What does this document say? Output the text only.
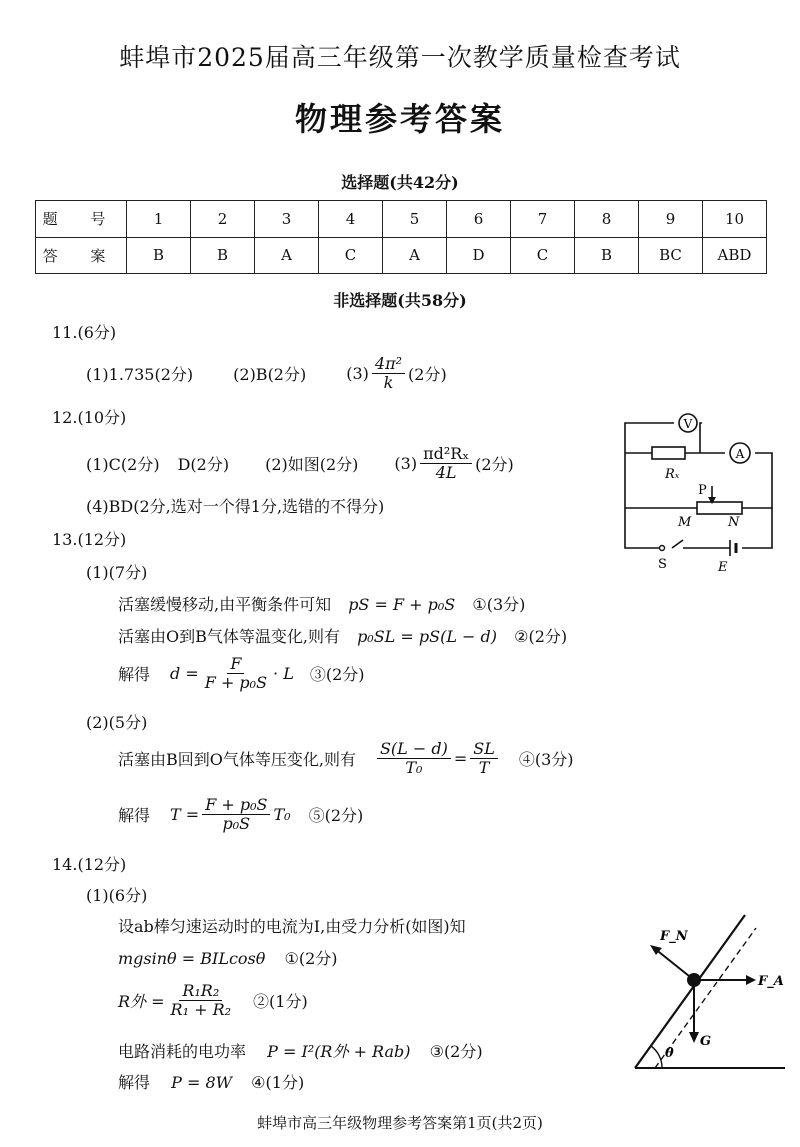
蚌埠市2025届高三年级第一次教学质量检查考试
物理参考答案
选择题(共42分)
题 号	1	2	3	4	5	6	7	8	9	10
答 案	B	B	A	C	A	D	C	B	BC	ABD
非选择题(共58分)
11.(6分)
(1)1.735(2分)	(2)B(2分)	$(3) \frac{\text{4π²}}{k} (2$分)
12.(10分)
(1)C(2分) D(2分) (2)如图(2分) $(3) \frac{\text{πd²Rₓ}}{4L} (2$分)
(4)BD(2分,选对一个得1分,选错的不得分)
V
Rₓ
A
P
M	N
S	E
13.(12分)
(1)(7分)
活塞缓慢移动,由平衡条件可知 pS = F + p₀S ①(3分)
活塞由O到B气体等温变化,则有 p₀SL = pS(L − d) ②(2分)
解得 $d = \frac{F}{\text{F + p₀S}} \cdot L$ ③(2分)
(2)(5分)
活塞由B回到O气体等压变化,则有 $\frac{S(L - d)}{\text{T₀}} = \frac{SL}{T}$ ④(3分)
解得 $T = \frac{\text{F + p₀S}}{\text{p₀S}} T_0$ ⑤(2分)
14.(12分)
(1)(6分)
设ab棒匀速运动时的电流为I,由受力分析(如图)知
mgsinθ = BILcosθ ①(2分)
R外 = $\frac{\text{R₁R₂}}{\text{R₁ + R₂}}$ ②(1分)
电路消耗的电功率 P = I²(R外 + Rab) ③(2分)
解得 P = 8W ④(1分)
θ
F_N
F_A
G
蚌埠市高三年级物理参考答案第1页(共2页)
